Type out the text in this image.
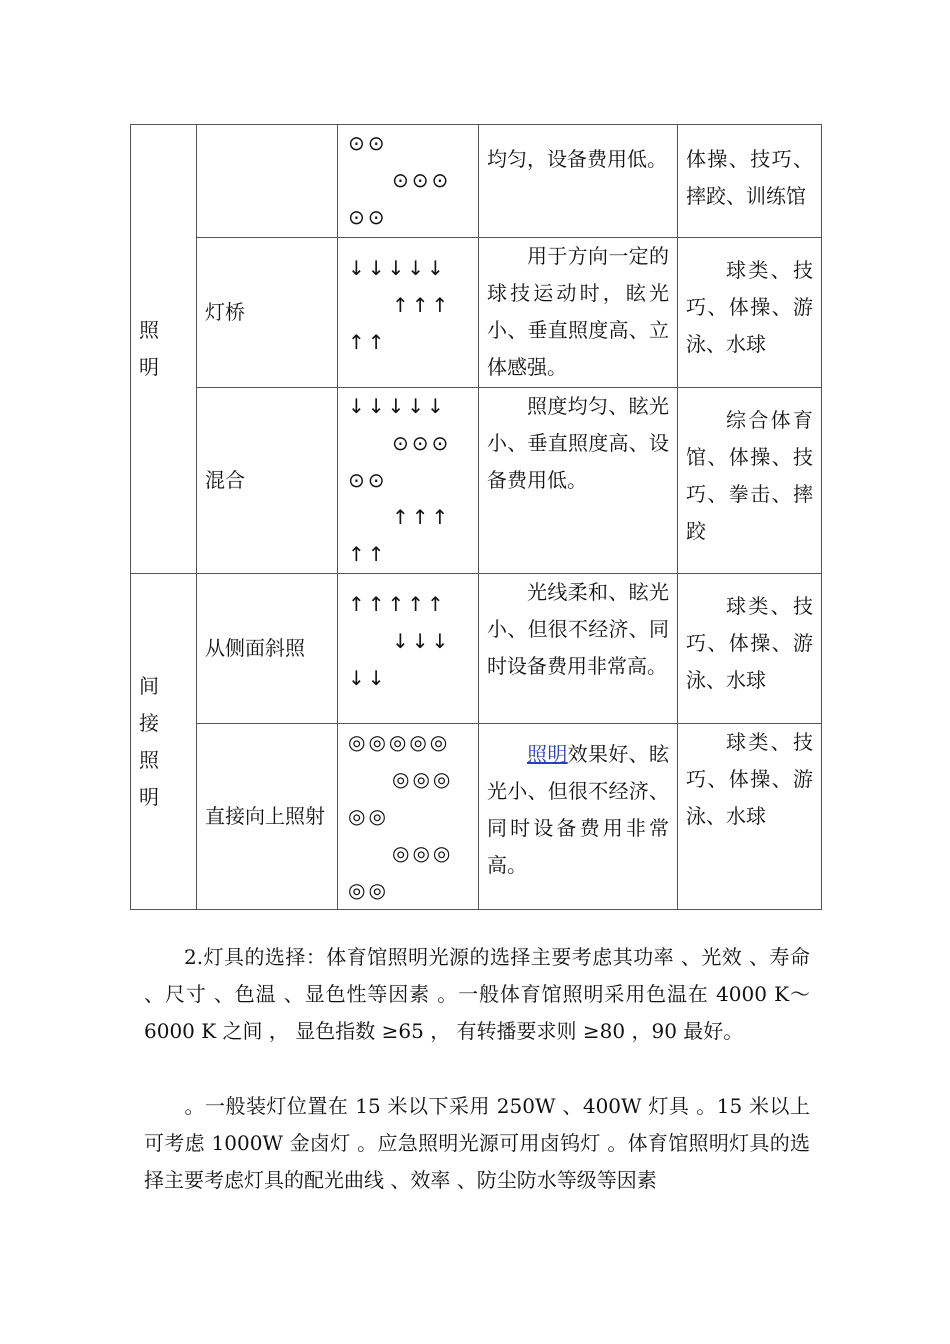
照明		⊙⊙
⊙⊙⊙
⊙⊙	均匀，设备费用低。	体操、技巧、摔跤、训练馆

	灯桥	↓↓↓↓↓
↑↑↑
↑↑	用于方向一定的球技运动时，眩光小、垂直照度高、立体感强。	球类、技巧、体操、游泳、水球

	混合	↓↓↓↓↓
⊙⊙⊙
⊙⊙
↑↑↑
↑↑	照度均匀、眩光小、垂直照度高、设备费用低。	综合体育馆、体操、技巧、拳击、摔跤

间接照明	从侧面斜照	↑↑↑↑↑
↓↓↓
↓↓	光线柔和、眩光小、但很不经济、同时设备费用非常高。	球类、技巧、体操、游泳、水球

	直接向上照射	◎◎◎◎◎
◎◎◎
◎◎
◎◎◎
◎◎	照明效果好、眩光小、但很不经济、同时设备费用非常高。	球类、技巧、体操、游泳、水球
2.灯具的选择：体育馆照明光源的选择主要考虑其功率 、光效 、寿命 、尺寸 、色温 、显色性等因素 。一般体育馆照明采用色温在 4000 K～6000 K 之间 ， 显色指数 ≥65 ， 有转播要求则 ≥80 ，90 最好。
。一般装灯位置在 15 米以下采用 250W 、400W 灯具 。15 米以上可考虑 1000W 金卤灯 。应急照明光源可用卤钨灯 。体育馆照明灯具的选择主要考虑灯具的配光曲线 、效率 、防尘防水等级等因素
